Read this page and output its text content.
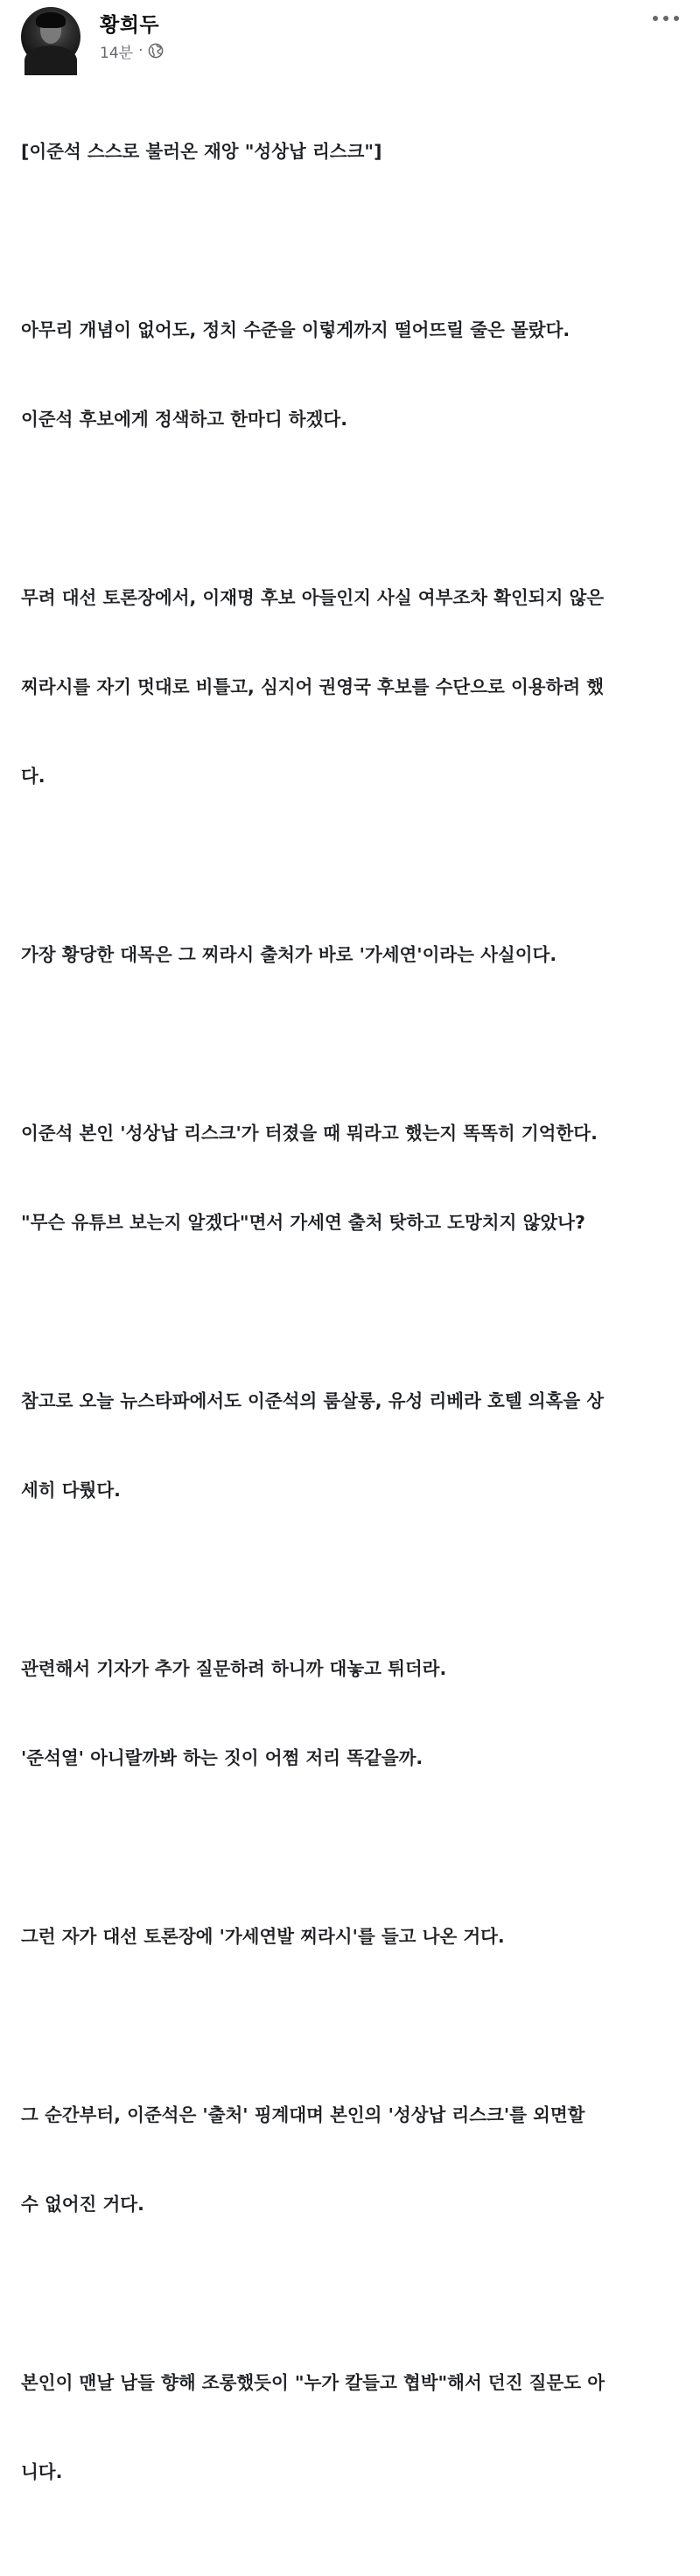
황희두
14분 ·

[이준석 스스로 불러온 재앙 "성상납 리스크"]

아무리 개념이 없어도, 정치 수준을 이렇게까지 떨어뜨릴 줄은 몰랐다.

이준석 후보에게 정색하고 한마디 하겠다.

무려 대선 토론장에서, 이재명 후보 아들인지 사실 여부조차 확인되지 않은

찌라시를 자기 멋대로 비틀고, 심지어 권영국 후보를 수단으로 이용하려 했

다.

가장 황당한 대목은 그 찌라시 출처가 바로 '가세연'이라는 사실이다.

이준석 본인 '성상납 리스크'가 터졌을 때 뭐라고 했는지 똑똑히 기억한다.

"무슨 유튜브 보는지 알겠다"면서 가세연 출처 탓하고 도망치지 않았나?

참고로 오늘 뉴스타파에서도 이준석의 룸살롱, 유성 리베라 호텔 의혹을 상

세히 다뤘다.

관련해서 기자가 추가 질문하려 하니까 대놓고 튀더라.

'준석열' 아니랄까봐 하는 짓이 어쩜 저리 똑같을까.

그런 자가 대선 토론장에 '가세연발 찌라시'를 들고 나온 거다.

그 순간부터, 이준석은 '출처' 핑계대며 본인의 '성상납 리스크'를 외면할

수 없어진 거다.

본인이 맨날 남들 향해 조롱했듯이 "누가 칼들고 협박"해서 던진 질문도 아

니다.
